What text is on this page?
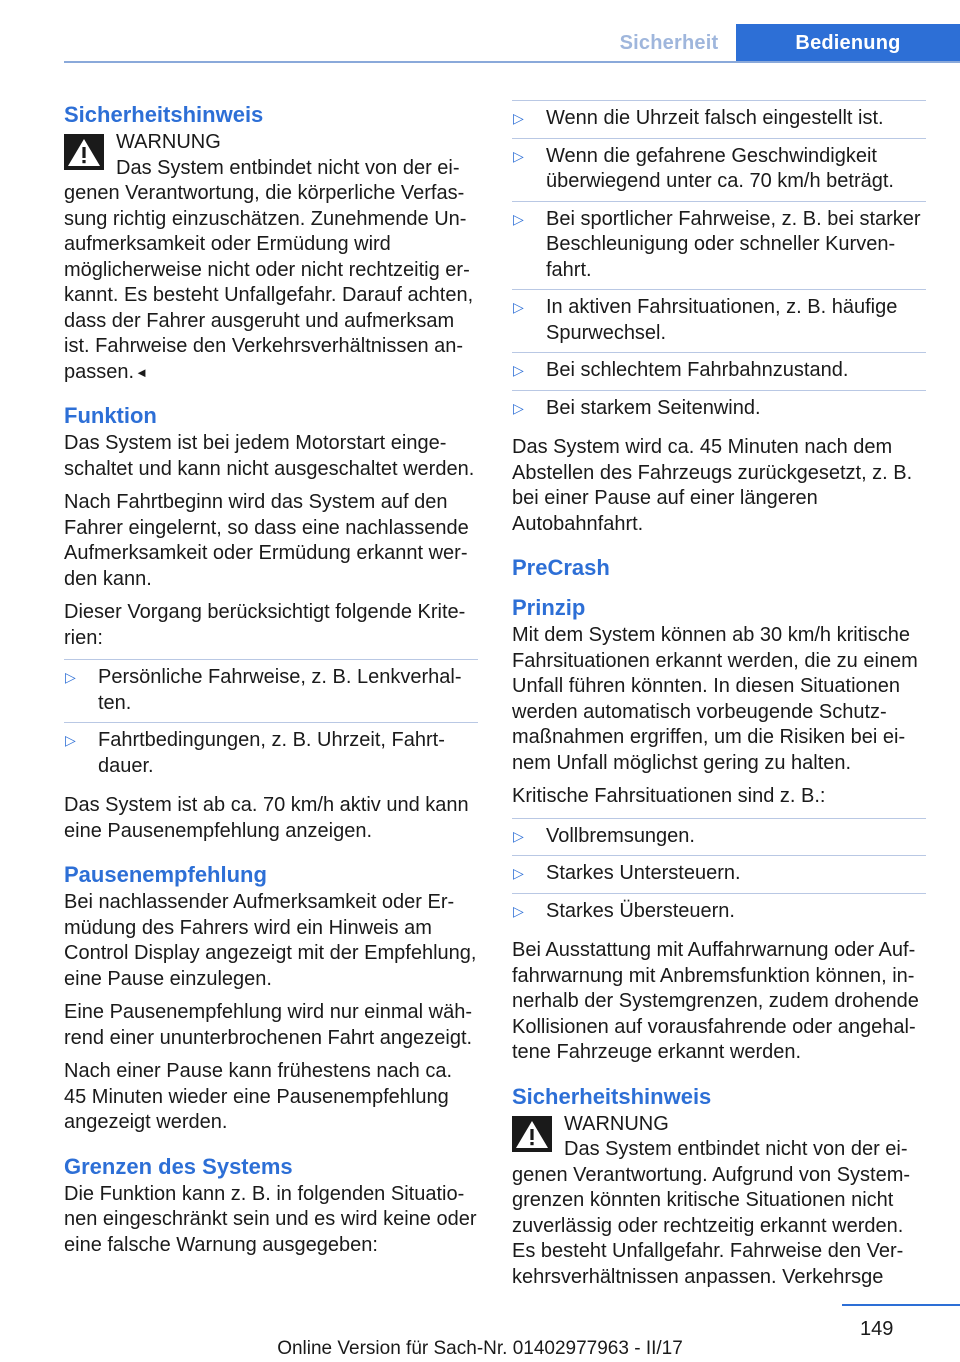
Sicherheit	Bedienung
Sicherheitshinweis
WARNUNG
Das System entbindet nicht von der eigenen Verantwortung, die körperliche Verfassung richtig einzuschätzen. Zunehmende Unaufmerksamkeit oder Ermüdung wird möglicherweise nicht oder nicht rechtzeitig erkannt. Es besteht Unfallgefahr. Darauf achten, dass der Fahrer ausgeruht und aufmerksam ist. Fahrweise den Verkehrsverhältnissen anpassen.◄
Funktion

Das System ist bei jedem Motorstart eingeschaltet und kann nicht ausgeschaltet werden.

Nach Fahrtbeginn wird das System auf den Fahrer eingelernt, so dass eine nachlassende Aufmerksamkeit oder Ermüdung erkannt werden kann.

Dieser Vorgang berücksichtigt folgende Kriterien:

▷ Persönliche Fahrweise, z. B. Lenkverhalten.
▷ Fahrtbedingungen, z. B. Uhrzeit, Fahrtdauer.

Das System ist ab ca. 70 km/h aktiv und kann eine Pausenempfehlung anzeigen.

Pausenempfehlung

Bei nachlassender Aufmerksamkeit oder Ermüdung des Fahrers wird ein Hinweis am Control Display angezeigt mit der Empfehlung, eine Pause einzulegen.

Eine Pausenempfehlung wird nur einmal während einer ununterbrochenen Fahrt angezeigt.

Nach einer Pause kann frühestens nach ca. 45 Minuten wieder eine Pausenempfehlung angezeigt werden.

Grenzen des Systems

Die Funktion kann z. B. in folgenden Situationen eingeschränkt sein und es wird keine oder eine falsche Warnung ausgegeben:

▷ Wenn die Uhrzeit falsch eingestellt ist.
▷ Wenn die gefahrene Geschwindigkeit überwiegend unter ca. 70 km/h beträgt.
▷ Bei sportlicher Fahrweise, z. B. bei starker Beschleunigung oder schneller Kurvenfahrt.
▷ In aktiven Fahrsituationen, z. B. häufige Spurwechsel.
▷ Bei schlechtem Fahrbahnzustand.
▷ Bei starkem Seitenwind.

Das System wird ca. 45 Minuten nach dem Abstellen des Fahrzeugs zurückgesetzt, z. B. bei einer Pause auf einer längeren Autobahnfahrt.

PreCrash
Prinzip

Mit dem System können ab 30 km/h kritische Fahrsituationen erkannt werden, die zu einem Unfall führen könnten. In diesen Situationen werden automatisch vorbeugende Schutzmaßnahmen ergriffen, um die Risiken bei einem Unfall möglichst gering zu halten.

Kritische Fahrsituationen sind z. B.:

▷ Vollbremsungen.
▷ Starkes Untersteuern.
▷ Starkes Übersteuern.

Bei Ausstattung mit Auffahrwarnung oder Auffahrwarnung mit Anbremsfunktion können, innerhalb der Systemgrenzen, zudem drohende Kollisionen auf vorausfahrende oder angehaltene Fahrzeuge erkannt werden.

Sicherheitshinweis
WARNUNG
Das System entbindet nicht von der eigenen Verantwortung. Aufgrund von Systemgrenzen könnten kritische Situationen nicht zuverlässig oder rechtzeitig erkannt werden. Es besteht Unfallgefahr. Fahrweise den Verkehrsverhältnissen anpassen. Verkehrsge
149
Online Version für Sach-Nr. 01402977963 - II/17
